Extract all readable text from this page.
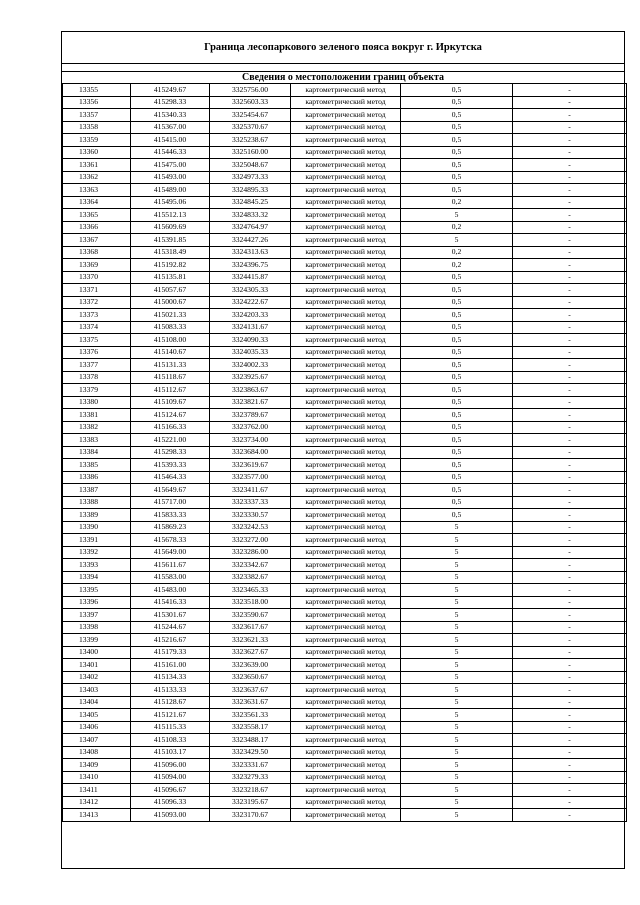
Граница лесопаркового зеленого пояса вокруг г. Иркутска
Сведения о местоположении границ объекта
13355	415249.67	3325756.00	картометрический метод	0,5	-
13356	415298.33	3325603.33	картометрический метод	0,5	-
13357	415340.33	3325454.67	картометрический метод	0,5	-
13358	415367.00	3325370.67	картометрический метод	0,5	-
13359	415415.00	3325238.67	картометрический метод	0,5	-
13360	415446.33	3325160.00	картометрический метод	0,5	-
13361	415475.00	3325048.67	картометрический метод	0,5	-
13362	415493.00	3324973.33	картометрический метод	0,5	-
13363	415489.00	3324895.33	картометрический метод	0,5	-
13364	415495.06	3324845.25	картометрический метод	0,2	-
13365	415512.13	3324833.32	картометрический метод	5	-
13366	415609.69	3324764.97	картометрический метод	0,2	-
13367	415391.85	3324427.26	картометрический метод	5	-
13368	415318.49	3324313.63	картометрический метод	0,2	-
13369	415192.82	3324396.75	картометрический метод	0,2	-
13370	415135.81	3324415.87	картометрический метод	0,5	-
13371	415057.67	3324305.33	картометрический метод	0,5	-
13372	415000.67	3324222.67	картометрический метод	0,5	-
13373	415021.33	3324203.33	картометрический метод	0,5	-
13374	415083.33	3324131.67	картометрический метод	0,5	-
13375	415108.00	3324090.33	картометрический метод	0,5	-
13376	415140.67	3324035.33	картометрический метод	0,5	-
13377	415131.33	3324002.33	картометрический метод	0,5	-
13378	415118.67	3323925.67	картометрический метод	0,5	-
13379	415112.67	3323863.67	картометрический метод	0,5	-
13380	415109.67	3323821.67	картометрический метод	0,5	-
13381	415124.67	3323789.67	картометрический метод	0,5	-
13382	415166.33	3323762.00	картометрический метод	0,5	-
13383	415221.00	3323734.00	картометрический метод	0,5	-
13384	415298.33	3323684.00	картометрический метод	0,5	-
13385	415393.33	3323619.67	картометрический метод	0,5	-
13386	415464.33	3323577.00	картометрический метод	0,5	-
13387	415649.67	3323411.67	картометрический метод	0,5	-
13388	415717.00	3323337.33	картометрический метод	0,5	-
13389	415833.33	3323330.57	картометрический метод	0,5	-
13390	415869.23	3323242.53	картометрический метод	5	-
13391	415678.33	3323272.00	картометрический метод	5	-
13392	415649.00	3323286.00	картометрический метод	5	-
13393	415611.67	3323342.67	картометрический метод	5	-
13394	415583.00	3323382.67	картометрический метод	5	-
13395	415483.00	3323465.33	картометрический метод	5	-
13396	415416.33	3323518.00	картометрический метод	5	-
13397	415301.67	3323590.67	картометрический метод	5	-
13398	415244.67	3323617.67	картометрический метод	5	-
13399	415216.67	3323621.33	картометрический метод	5	-
13400	415179.33	3323627.67	картометрический метод	5	-
13401	415161.00	3323639.00	картометрический метод	5	-
13402	415134.33	3323650.67	картометрический метод	5	-
13403	415133.33	3323637.67	картометрический метод	5	-
13404	415128.67	3323631.67	картометрический метод	5	-
13405	415121.67	3323561.33	картометрический метод	5	-
13406	415115.33	3323558.17	картометрический метод	5	-
13407	415108.33	3323488.17	картометрический метод	5	-
13408	415103.17	3323429.50	картометрический метод	5	-
13409	415096.00	3323331.67	картометрический метод	5	-
13410	415094.00	3323279.33	картометрический метод	5	-
13411	415096.67	3323218.67	картометрический метод	5	-
13412	415096.33	3323195.67	картометрический метод	5	-
13413	415093.00	3323170.67	картометрический метод	5	-
